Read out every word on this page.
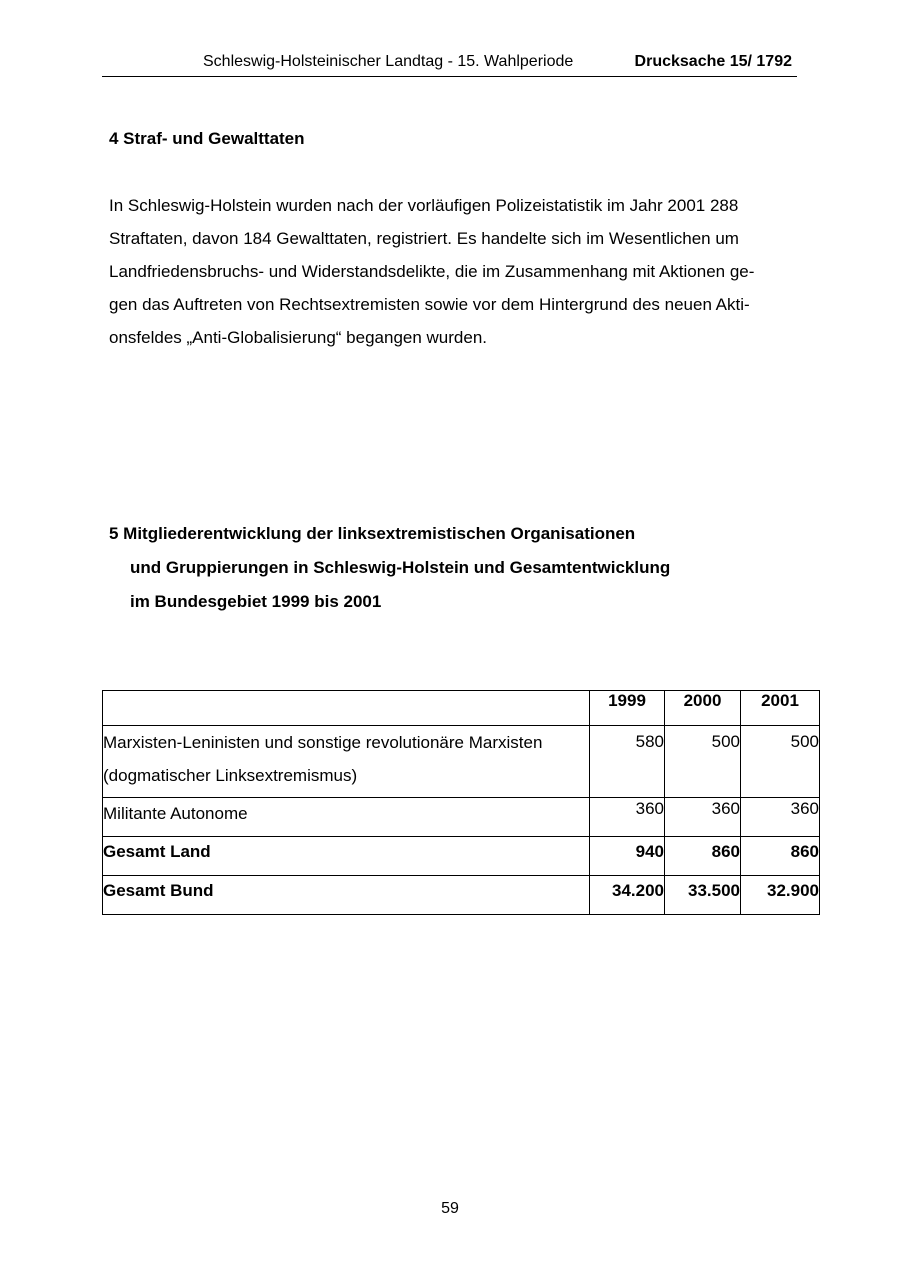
Schleswig-Holsteinischer Landtag - 15. Wahlperiode	Drucksache 15/ 1792
4 Straf- und Gewalttaten
In Schleswig-Holstein wurden nach der vorläufigen Polizeistatistik im Jahr 2001 288
Straftaten, davon 184 Gewalttaten, registriert. Es handelte sich im Wesentlichen um
Landfriedensbruchs- und Widerstandsdelikte, die im Zusammenhang mit Aktionen ge-
gen das Auftreten von Rechtsextremisten sowie vor dem Hintergrund des neuen Akti-
onsfeldes „Anti-Globalisierung“ begangen wurden.
5 Mitgliederentwicklung der linksextremistischen Organisationen
und Gruppierungen in Schleswig-Holstein und Gesamtentwicklung
im Bundesgebiet 1999 bis 2001
	1999	2000	2001

Marxisten-Leninisten und sonstige revolutionäre Marxisten
(dogmatischer Linksextremismus)	580	500	500
Militante Autonome	360	360	360
Gesamt Land	940	860	860
Gesamt Bund	34.200	33.500	32.900
59
